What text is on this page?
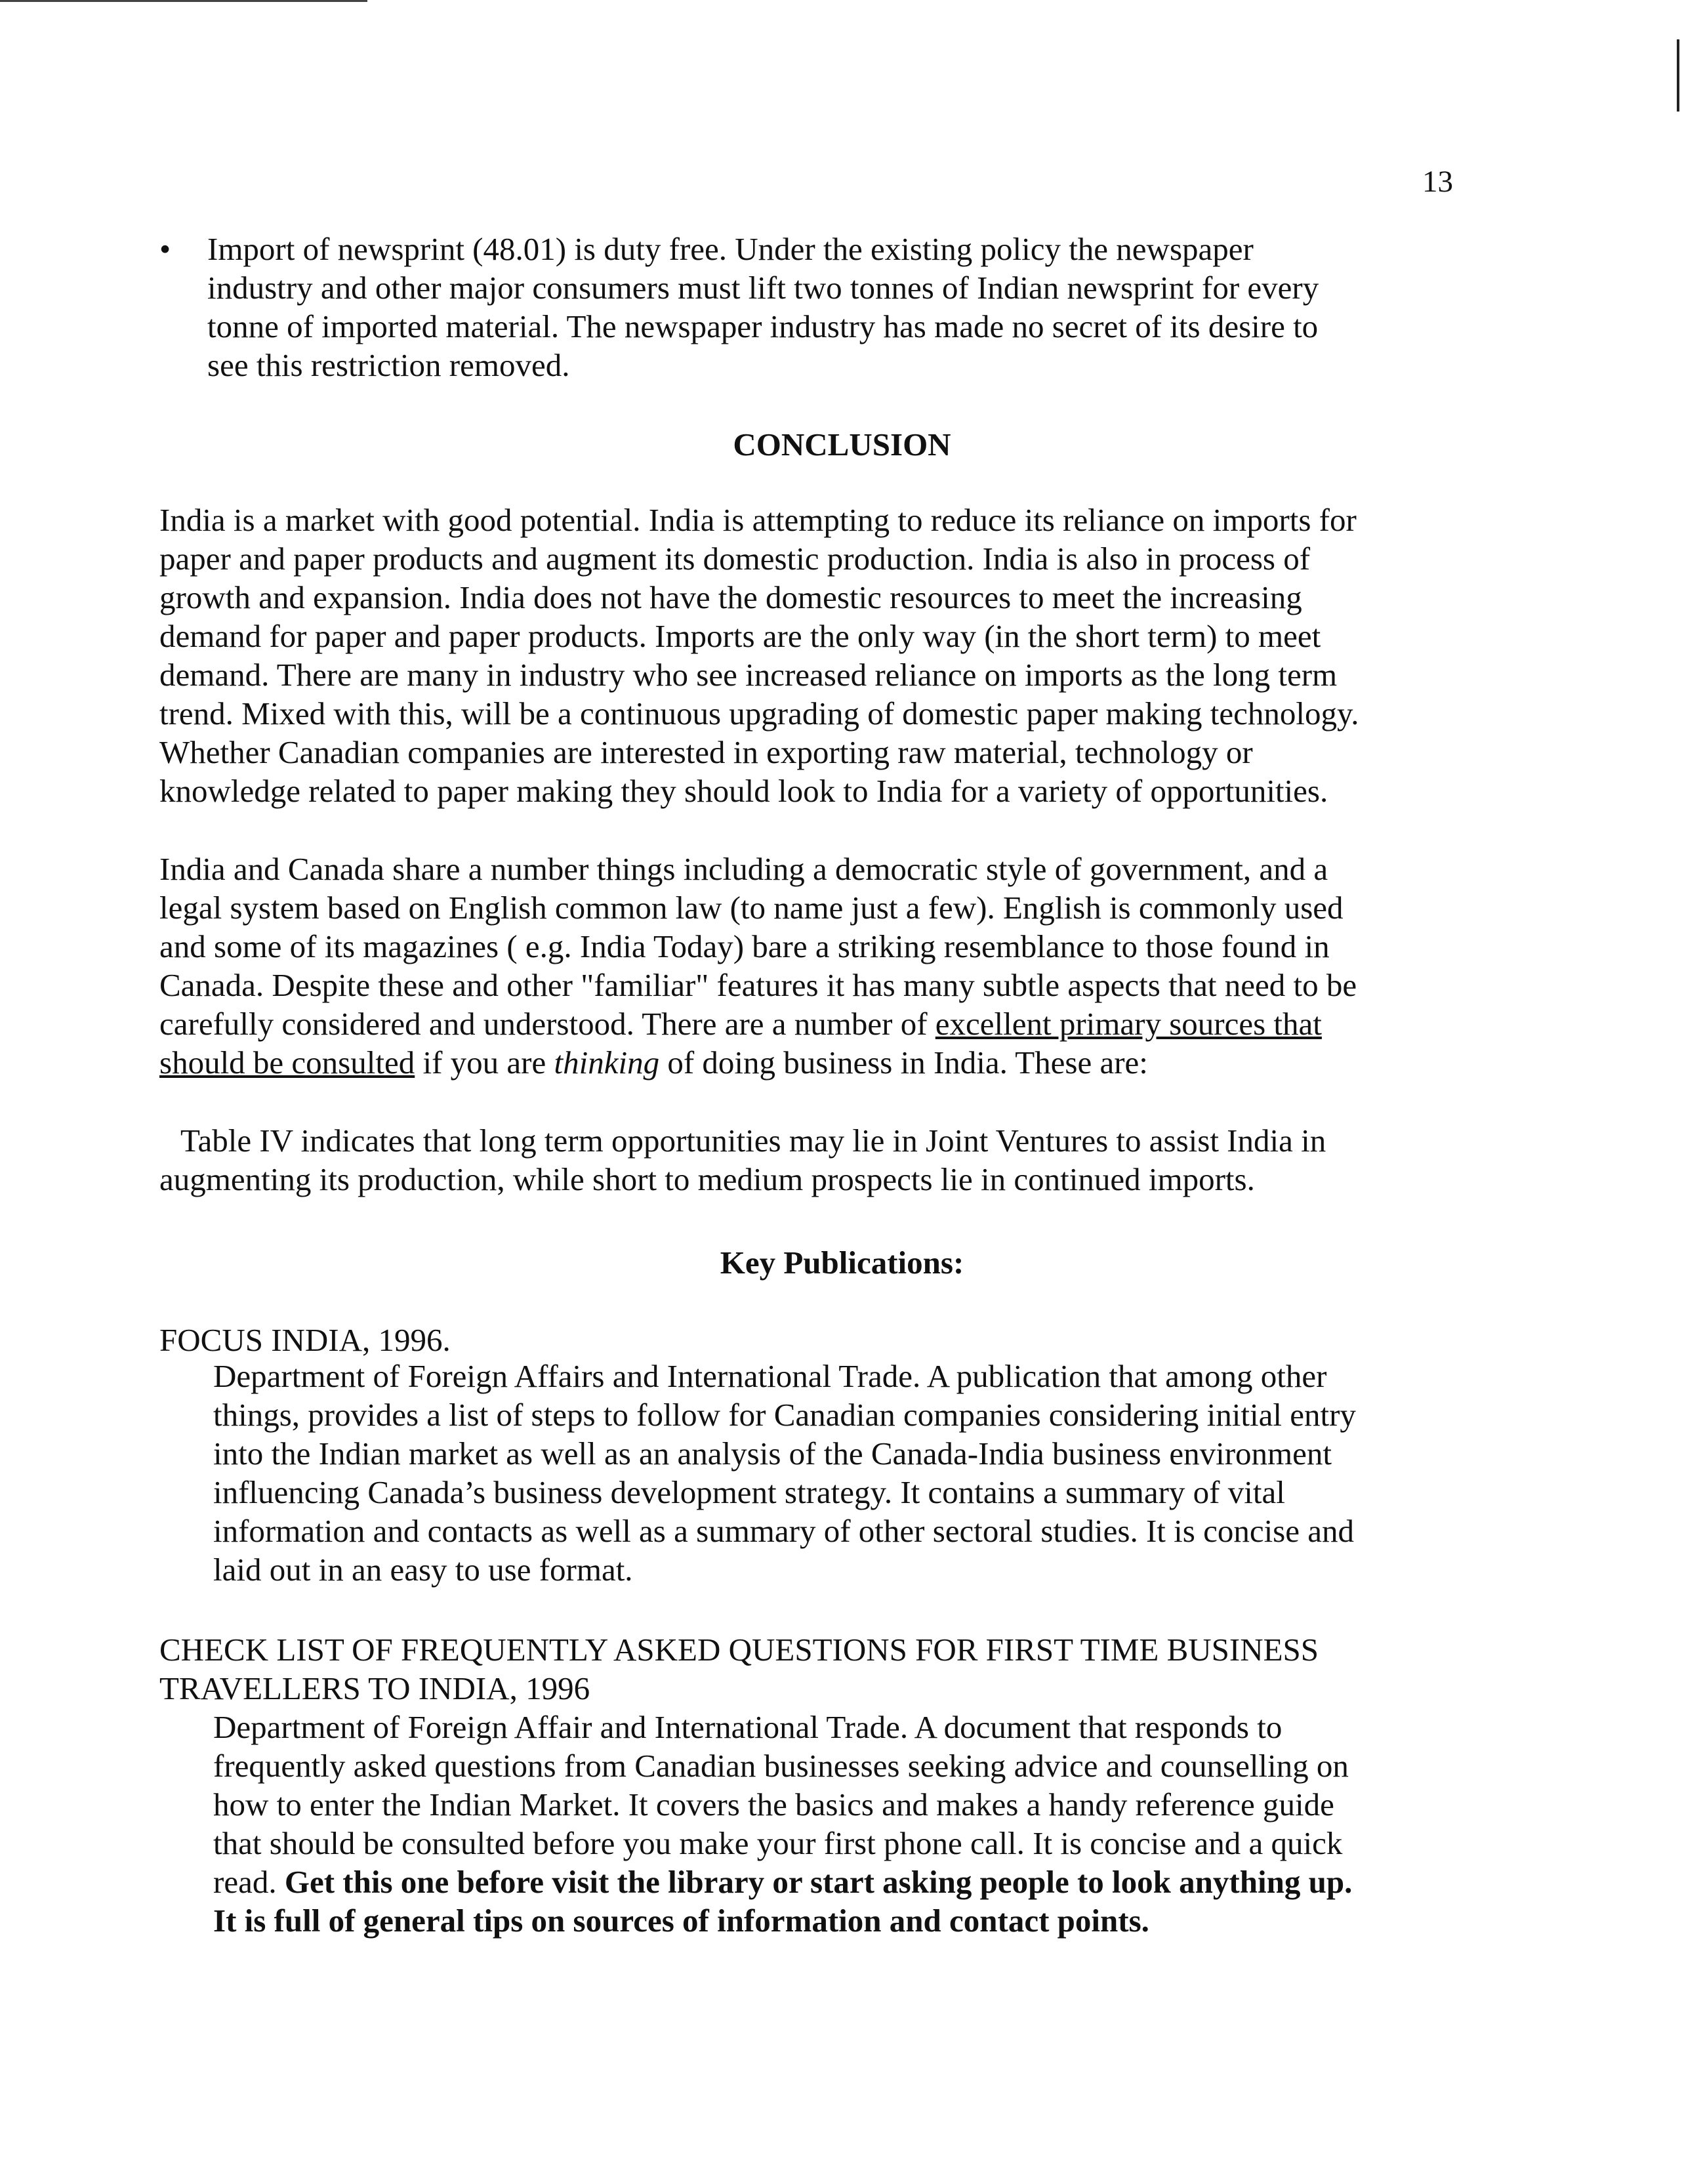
13
•	Import of newsprint (48.01) is duty free. Under the existing policy the newspaper
industry and other major consumers must lift two tonnes of Indian newsprint for every
tonne of imported material. The newspaper industry has made no secret of its desire to
see this restriction removed.
CONCLUSION
India is a market with good potential. India is attempting to reduce its reliance on imports for
paper and paper products and augment its domestic production. India is also in process of
growth and expansion. India does not have the domestic resources to meet the increasing
demand for paper and paper products. Imports are the only way (in the short term) to meet
demand. There are many in industry who see increased reliance on imports as the long term
trend. Mixed with this, will be a continuous upgrading of domestic paper making technology.
Whether Canadian companies are interested in exporting raw material, technology or
knowledge related to paper making they should look to India for a variety of opportunities.
India and Canada share a number things including a democratic style of government, and a
legal system based on English common law (to name just a few). English is commonly used
and some of its magazines ( e.g. India Today) bare a striking resemblance to those found in
Canada. Despite these and other "familiar" features it has many subtle aspects that need to be
carefully considered and understood. There are a number of excellent primary sources that
should be consulted if you are thinking of doing business in India. These are:
Table IV indicates that long term opportunities may lie in Joint Ventures to assist India in
augmenting its production, while short to medium prospects lie in continued imports.
Key Publications:
FOCUS INDIA, 1996.
Department of Foreign Affairs and International Trade. A publication that among other
things, provides a list of steps to follow for Canadian companies considering initial entry
into the Indian market as well as an analysis of the Canada-India business environment
influencing Canada’s business development strategy. It contains a summary of vital
information and contacts as well as a summary of other sectoral studies. It is concise and
laid out in an easy to use format.
CHECK LIST OF FREQUENTLY ASKED QUESTIONS FOR FIRST TIME BUSINESS
TRAVELLERS TO INDIA, 1996
Department of Foreign Affair and International Trade. A document that responds to
frequently asked questions from Canadian businesses seeking advice and counselling on
how to enter the Indian Market. It covers the basics and makes a handy reference guide
that should be consulted before you make your first phone call. It is concise and a quick
read. Get this one before visit the library or start asking people to look anything up.
It is full of general tips on sources of information and contact points.
